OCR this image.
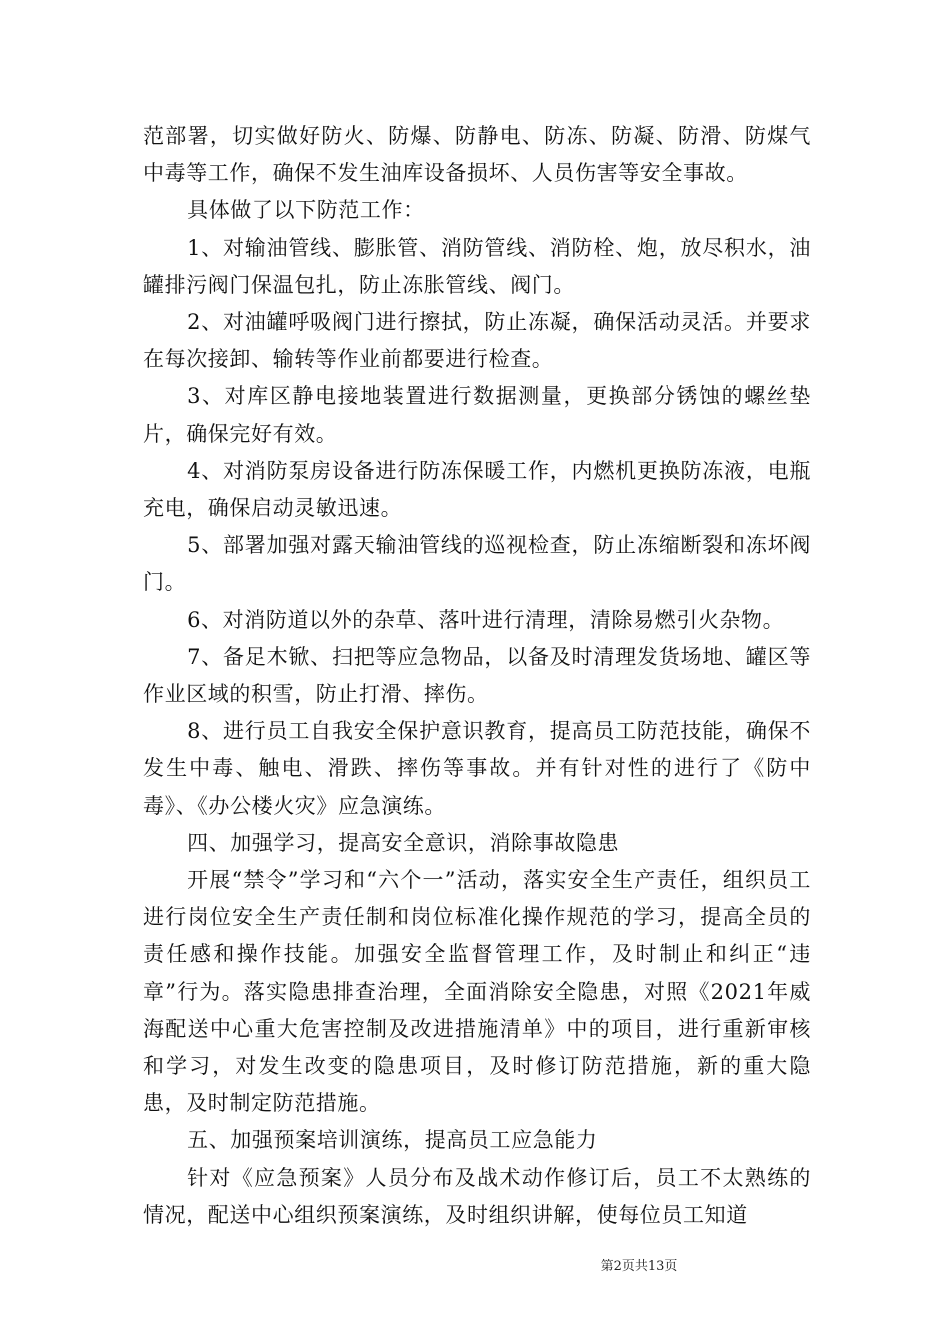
范部署，切实做好防火、防爆、防静电、防冻、防凝、防滑、防煤气中毒等工作，确保不发生油库设备损坏、人员伤害等安全事故。

具体做了以下防范工作：

1、对输油管线、膨胀管、消防管线、消防栓、炮，放尽积水，油罐排污阀门保温包扎，防止冻胀管线、阀门。

2、对油罐呼吸阀门进行擦拭，防止冻凝，确保活动灵活。并要求在每次接卸、输转等作业前都要进行检查。

3、对库区静电接地装置进行数据测量，更换部分锈蚀的螺丝垫片，确保完好有效。

4、对消防泵房设备进行防冻保暖工作，内燃机更换防冻液，电瓶充电，确保启动灵敏迅速。

5、部署加强对露天输油管线的巡视检查，防止冻缩断裂和冻坏阀门。

6、对消防道以外的杂草、落叶进行清理，清除易燃引火杂物。

7、备足木锨、扫把等应急物品，以备及时清理发货场地、罐区等作业区域的积雪，防止打滑、摔伤。

8、进行员工自我安全保护意识教育，提高员工防范技能，确保不发生中毒、触电、滑跌、摔伤等事故。并有针对性的进行了《防中毒》、《办公楼火灾》应急演练。

四、加强学习，提高安全意识，消除事故隐患

开展“禁令”学习和“六个一”活动，落实安全生产责任，组织员工进行岗位安全生产责任制和岗位标准化操作规范的学习，提高全员的责任感和操作技能。加强安全监督管理工作，及时制止和纠正“违章”行为。落实隐患排查治理，全面消除安全隐患，对照《2021年威海配送中心重大危害控制及改进措施清单》中的项目，进行重新审核和学习，对发生改变的隐患项目，及时修订防范措施，新的重大隐患，及时制定防范措施。

五、加强预案培训演练，提高员工应急能力

针对《应急预案》人员分布及战术动作修订后，员工不太熟练的情况，配送中心组织预案演练，及时组织讲解，使每位员工知道

第2页共13页
